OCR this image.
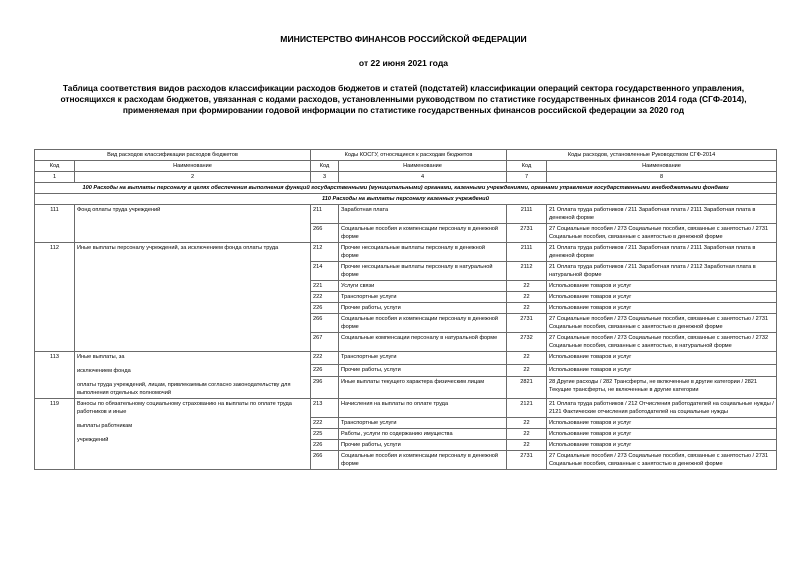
МИНИСТЕРСТВО ФИНАНСОВ РОССИЙСКОЙ ФЕДЕРАЦИИ
от 22 июня 2021 года
Таблица соответствия видов расходов классификации расходов бюджетов и статей (подстатей) классификации операций сектора государственного управления,
относящихся к расходам бюджетов, увязанная с кодами расходов, установленными руководством по статистике государственных финансов 2014 года (СГФ-2014),
применяемая при формировании годовой информации по статистике государственных финансов российской федерации за 2020 год
Вид расходов классификации расходов бюджетов		Коды КОСГУ, относящиеся к расходам бюджетов		Коды расходов, установленные Руководством СГФ-2014	
Код	Наименование	Код	Наименование	Код	Наименование
1	2	3	4	7	8
100 Расходы на выплаты персоналу в целях обеспечения выполнения функций государственными (муниципальными) органами, казенными учреждениями, органами управления государственными внебюджетными фондами					
110 Расходы на выплаты персоналу казенных учреждений					
111	Фонд оплаты труда учреждений	211	Заработная плата	2111	21 Оплата труда работников / 211 Заработная плата / 2111 Заработная плата в денежной форме
		266	Социальные пособия и компенсации персоналу в денежной форме	2731	27 Социальные пособия / 273 Социальные пособия, связанные с занятостью / 2731 Социальные пособия, связанные с занятостью в денежной форме
112	Иные выплаты персоналу учреждений, за исключением фонда оплаты труда	212	Прочие несоциальные выплаты персоналу в денежной форме	2111	21 Оплата труда работников / 211 Заработная плата / 2111 Заработная плата в денежной форме
		214	Прочие несоциальные выплаты персоналу в натуральной форме	2112	21 Оплата труда работников / 211 Заработная плата / 2112 Заработная плата в натуральной форме
		221	Услуги связи	22	Использование товаров и услуг
		222	Транспортные услуги	22	Использование товаров и услуг
		226	Прочие работы, услуги	22	Использование товаров и услуг
		266	Социальные пособия и компенсации персоналу в денежной форме	2731	27 Социальные пособия / 273 Социальные пособия, связанные с занятостью / 2731 Социальные пособия, связанные с занятостью в денежной форме
		267	Социальные компенсации персоналу в натуральной форме	2732	27 Социальные пособия / 273 Социальные пособия, связанные с занятостью / 2732 Социальные пособия, связанные с занятостью, в натуральной форме
113	Иные выплаты, за
исключением фонда
оплаты труда учреждений, лицам, привлекаемым согласно законодательству для выполнения отдельных полномочий	222	Транспортные услуги	22	Использование товаров и услуг
		226	Прочие работы, услуги	22	Использование товаров и услуг
		296	Иные выплаты текущего характера физическим лицам	2821	28 Другие расходы / 282 Трансферты, не включенные в другие категории / 2821 Текущие трансферты, не включенные в другие категории
119	Взносы по обязательному социальному страхованию на выплаты по оплате труда работников и иные
выплаты работникам
учреждений	213	Начисления на выплаты по оплате труда	2121	21 Оплата труда работников / 212 Отчисления работодателей на социальные нужды / 2121 Фактические отчисления работодателей на социальные нужды
		222	Транспортные услуги	22	Использование товаров и услуг
		225	Работы, услуги по содержанию имущества	22	Использование товаров и услуг
		226	Прочие работы, услуги	22	Использование товаров и услуг
		266	Социальные пособия и компенсации персоналу в денежной форме	2731	27 Социальные пособия / 273 Социальные пособия, связанные с занятостью / 2731 Социальные пособия, связанные с занятостью в денежной форме
